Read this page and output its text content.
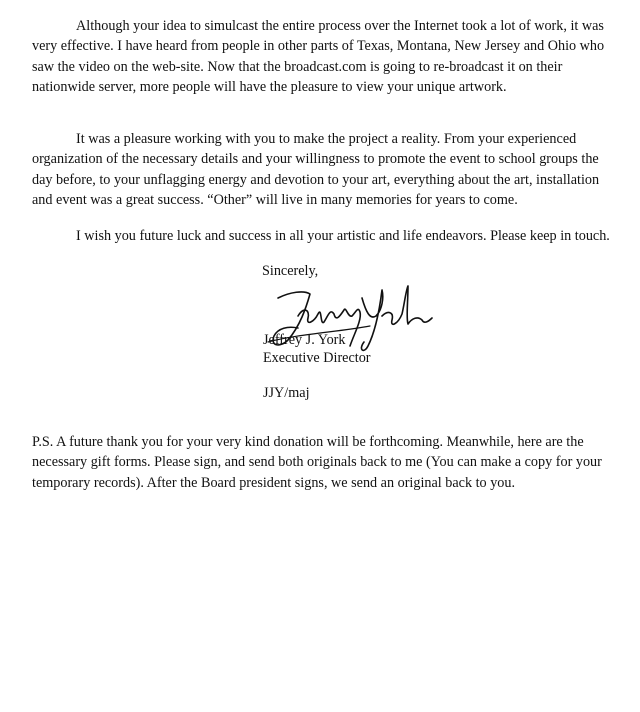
Although your idea to simulcast the entire process over the Internet took a lot of work, it was very effective. I have heard from people in other parts of Texas, Montana, New Jersey and Ohio who saw the video on the web-site. Now that the broadcast.com is going to re-broadcast it on their nationwide server, more people will have the pleasure to view your unique artwork.

It was a pleasure working with you to make the project a reality. From your experienced organization of the necessary details and your willingness to promote the event to school groups the day before, to your unflagging energy and devotion to your art, everything about the art, installation and event was a great success. “Other” will live in many memories for years to come.

I wish you future luck and success in all your artistic and life endeavors. Please keep in touch.

Sincerely,
Jeffrey J. York
Executive Director
JJY/maj

P.S. A future thank you for your very kind donation will be forthcoming. Meanwhile, here are the necessary gift forms. Please sign, and send both originals back to me (You can make a copy for your temporary records). After the Board president signs, we send an original back to you.
